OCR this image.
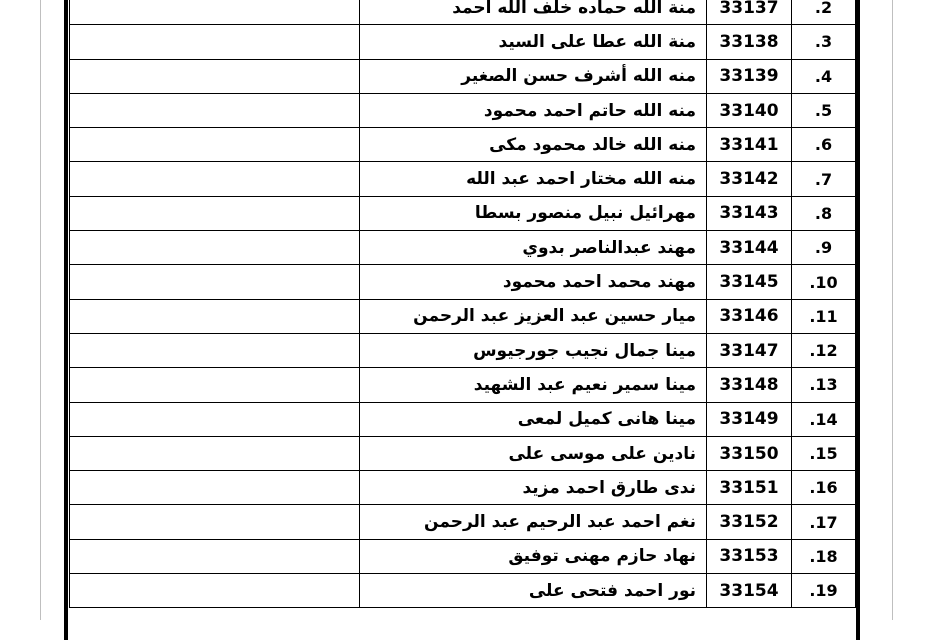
	منة الله حماده خلف الله احمد	33137	.2
	منة الله عطا على السيد	33138	.3
	منه الله أشرف حسن الصغير	33139	.4
	منه الله حاتم احمد محمود	33140	.5
	منه الله خالد محمود مكى	33141	.6
	منه الله مختار احمد عبد الله	33142	.7
	مهرائيل نبيل منصور بسطا	33143	.8
	مهند عبدالناصر بدوي	33144	.9
	مهند محمد احمد محمود	33145	.10
	ميار حسين عبد العزيز عبد الرحمن	33146	.11
	مينا جمال نجيب جورجيوس	33147	.12
	مينا سمير نعيم عبد الشهيد	33148	.13
	مينا هانى كميل لمعى	33149	.14
	نادين على موسى على	33150	.15
	ندى طارق احمد مزيد	33151	.16
	نغم احمد عبد الرحيم عبد الرحمن	33152	.17
	نهاد حازم مهنى توفيق	33153	.18
	نور احمد فتحى على	33154	.19
